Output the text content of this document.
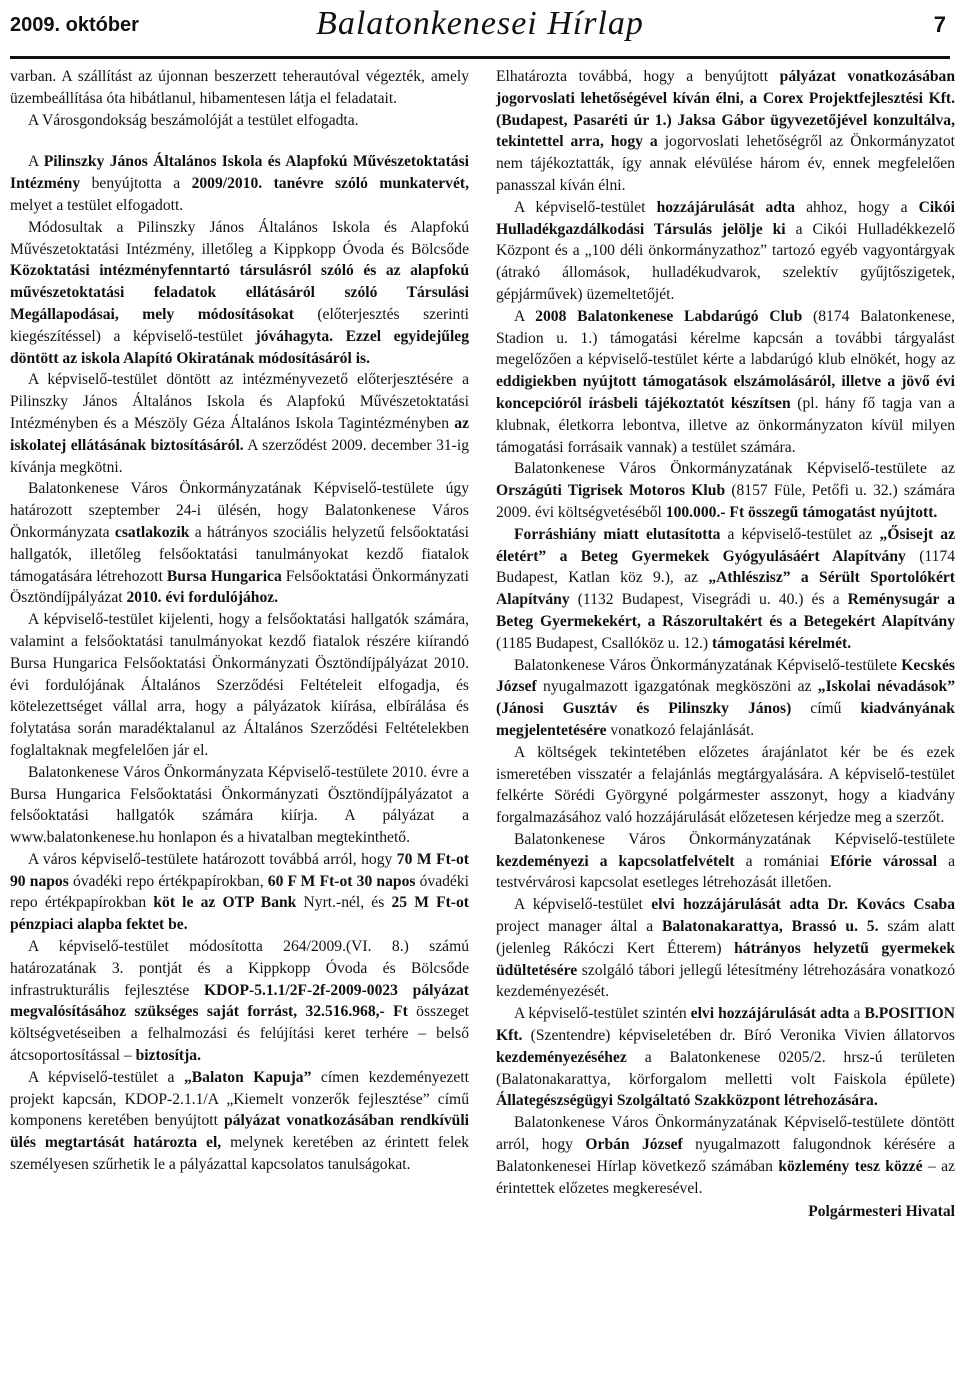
2009. október	Balatonkenesei Hírlap	7

varban. A szállítást az újonnan beszerzett teherautóval végezték, amely üzembeállítása óta hibátlanul, hibamentesen látja el feladatait.

A Városgondokság beszámolóját a testület elfogadta.

A Pilinszky János Általános Iskola és Alapfokú Művészetoktatási Intézmény benyújtotta a 2009/2010. tanévre szóló munkatervét, melyet a testület elfogadott.

Módosultak a Pilinszky János Általános Iskola és Alapfokú Művészetoktatási Intézmény, illetőleg a Kippkopp Óvoda és Bölcsőde Közoktatási intézményfenntartó társulásról szóló és az alapfokú művészetoktatási feladatok ellátásáról szóló Társulási Megállapodásai, mely módosításokat (előterjesztés szerinti kiegészítéssel) a képviselő-testület jóváhagyta. Ezzel egyidejűleg döntött az iskola Alapító Okiratának módosításáról is.

A képviselő-testület döntött az intézményvezető előterjesztésére a Pilinszky János Általános Iskola és Alapfokú Művészetoktatási Intézményben és a Mészöly Géza Általános Iskola Tagintézményben az iskolatej ellátásának biztosításáról. A szerződést 2009. december 31-ig kívánja megkötni.

Balatonkenese Város Önkormányzatának Képviselő-testülete úgy határozott szeptember 24-i ülésén, hogy Balatonkenese Város Önkormányzata csatlakozik a hátrányos szociális helyzetű felsőoktatási hallgatók, illetőleg felsőoktatási tanulmányokat kezdő fiatalok támogatására létrehozott Bursa Hungarica Felsőoktatási Önkormányzati Ösztöndíjpályázat 2010. évi fordulójához.

A képviselő-testület kijelenti, hogy a felsőoktatási hallgatók számára, valamint a felsőoktatási tanulmányokat kezdő fiatalok részére kiírandó Bursa Hungarica Felsőoktatási Önkormányzati Ösztöndíjpályázat 2010. évi fordulójának Általános Szerződési Feltételeit elfogadja, és kötelezettséget vállal arra, hogy a pályázatok kiírása, elbírálása és folytatása során maradéktalanul az Általános Szerződési Feltételekben foglaltaknak megfelelően jár el.

Balatonkenese Város Önkormányzata Képviselő-testülete 2010. évre a Bursa Hungarica Felsőoktatási Önkormányzati Ösztöndíjpályázatot a felsőoktatási hallgatók számára kiírja. A pályázat a www.balatonkenese.hu honlapon és a hivatalban megtekinthető.

A város képviselő-testülete határozott továbbá arról, hogy 70 M Ft-ot 90 napos óvadéki repo értékpapírokban, 60 F M Ft-ot 30 napos óvadéki repo értékpapírokban köt le az OTP Bank Nyrt.-nél, és 25 M Ft-ot pénzpiaci alapba fektet be.

A képviselő-testület módosította 264/2009.(VI. 8.) számú határozatának 3. pontját és a Kippkopp Óvoda és Bölcsőde infrastrukturális fejlesztése KDOP-5.1.1/2F-2f-2009-0023 pályázat megvalósításához szükséges saját forrást, 32.516.968,- Ft összeget költségvetéseiben a felhalmozási és felújítási keret terhére – belső átcsoportosítással – biztosítja.

A képviselő-testület a „Balaton Kapuja” címen kezdeményezett projekt kapcsán, KDOP-2.1.1/A „Kiemelt vonzerők fejlesztése” című komponens keretében benyújtott pályázat vonatkozásában rendkívüli ülés megtartását határozta el, melynek keretében az érintett felek személyesen szűrhetik le a pályázattal kapcsolatos tanulságokat.

Elhatározta továbbá, hogy a benyújtott pályázat vonatkozásában jogorvoslati lehetőségével kíván élni, a Corex Projektfejlesztési Kft. (Budapest, Pasaréti úr 1.) Jaksa Gábor ügyvezetőjével konzultálva, tekintettel arra, hogy a jogorvoslati lehetőségről az Önkormányzatot nem tájékoztatták, így annak elévülése három év, ennek megfelelően panasszal kíván élni.

A képviselő-testület hozzájárulását adta ahhoz, hogy a Cikói Hulladékgazdálkodási Társulás jelölje ki a Cikói Hulladékkezelő Központ és a „100 déli önkormányzathoz” tartozó egyéb vagyontárgyak (átrakó állomások, hulladékudvarok, szelektív gyűjtőszigetek, gépjárművek) üzemeltetőjét.

A 2008 Balatonkenese Labdarúgó Club (8174 Balatonkenese, Stadion u. 1.) támogatási kérelme kapcsán a további tárgyalást megelőzően a képviselő-testület kérte a labdarúgó klub elnökét, hogy az eddigiekben nyújtott támogatások elszámolásáról, illetve a jövő évi koncepcióról írásbeli tájékoztatót készítsen (pl. hány fő tagja van a klubnak, életkorra lebontva, illetve az önkormányzaton kívül milyen támogatási forrásaik vannak) a testület számára.

Balatonkenese Város Önkormányzatának Képviselő-testülete az Országúti Tigrisek Motoros Klub (8157 Füle, Petőfi u. 32.) számára 2009. évi költségvetéséből 100.000.- Ft összegű támogatást nyújtott.

Forráshiány miatt elutasította a képviselő-testület az „Ősisejt az életért” a Beteg Gyermekek Gyógyulásáért Alapítvány (1174 Budapest, Katlan köz 9.), az „Athlészisz” a Sérült Sportolókért Alapítvány (1132 Budapest, Visegrádi u. 40.) és a Reménysugár a Beteg Gyermekekért, a Rászorultakért és a Betegekért Alapítvány (1185 Budapest, Csallóköz u. 12.) támogatási kérelmét.

Balatonkenese Város Önkormányzatának Képviselő-testülete Kecskés József nyugalmazott igazgatónak megköszöni az „Iskolai névadások” (Jánosi Gusztáv és Pilinszky János) című kiadványának megjelentetésére vonatkozó felajánlását.

A költségek tekintetében előzetes árajánlatot kér be és ezek ismeretében visszatér a felajánlás megtárgyalására. A képviselő-testület felkérte Sörédi Györgyné polgármester asszonyt, hogy a kiadvány forgalmazásához való hozzájárulását előzetesen kérjedze meg a szerzőt.

Balatonkenese Város Önkormányzatának Képviselő-testülete kezdeményezi a kapcsolatfelvételt a romániai Efórie várossal a testvérvárosi kapcsolat esetleges létrehozását illetően.

A képviselő-testület elvi hozzájárulását adta Dr. Kovács Csaba project manager által a Balatonakarattya, Brassó u. 5. szám alatt (jelenleg Rákóczi Kert Étterem) hátrányos helyzetű gyermekek üdültetésére szolgáló tábori jellegű létesítmény létrehozására vonatkozó kezdeményezését.

A képviselő-testület szintén elvi hozzájárulását adta a B.POSITION Kft. (Szentendre) képviseletében dr. Bíró Veronika Vivien állatorvos kezdeményezéséhez a Balatonkenese 0205/2. hrsz-ú területen (Balatonakarattya, körforgalom melletti volt Faiskola épülete) Állategészségügyi Szolgáltató Szakközpont létrehozására.

Balatonkenese Város Önkormányzatának Képviselő-testülete döntött arról, hogy Orbán József nyugalmazott falugondnok kérésére a Balatonkenesei Hírlap következő számában közlemény tesz közzé – az érintettek előzetes megkeresével.

Polgármesteri Hivatal
